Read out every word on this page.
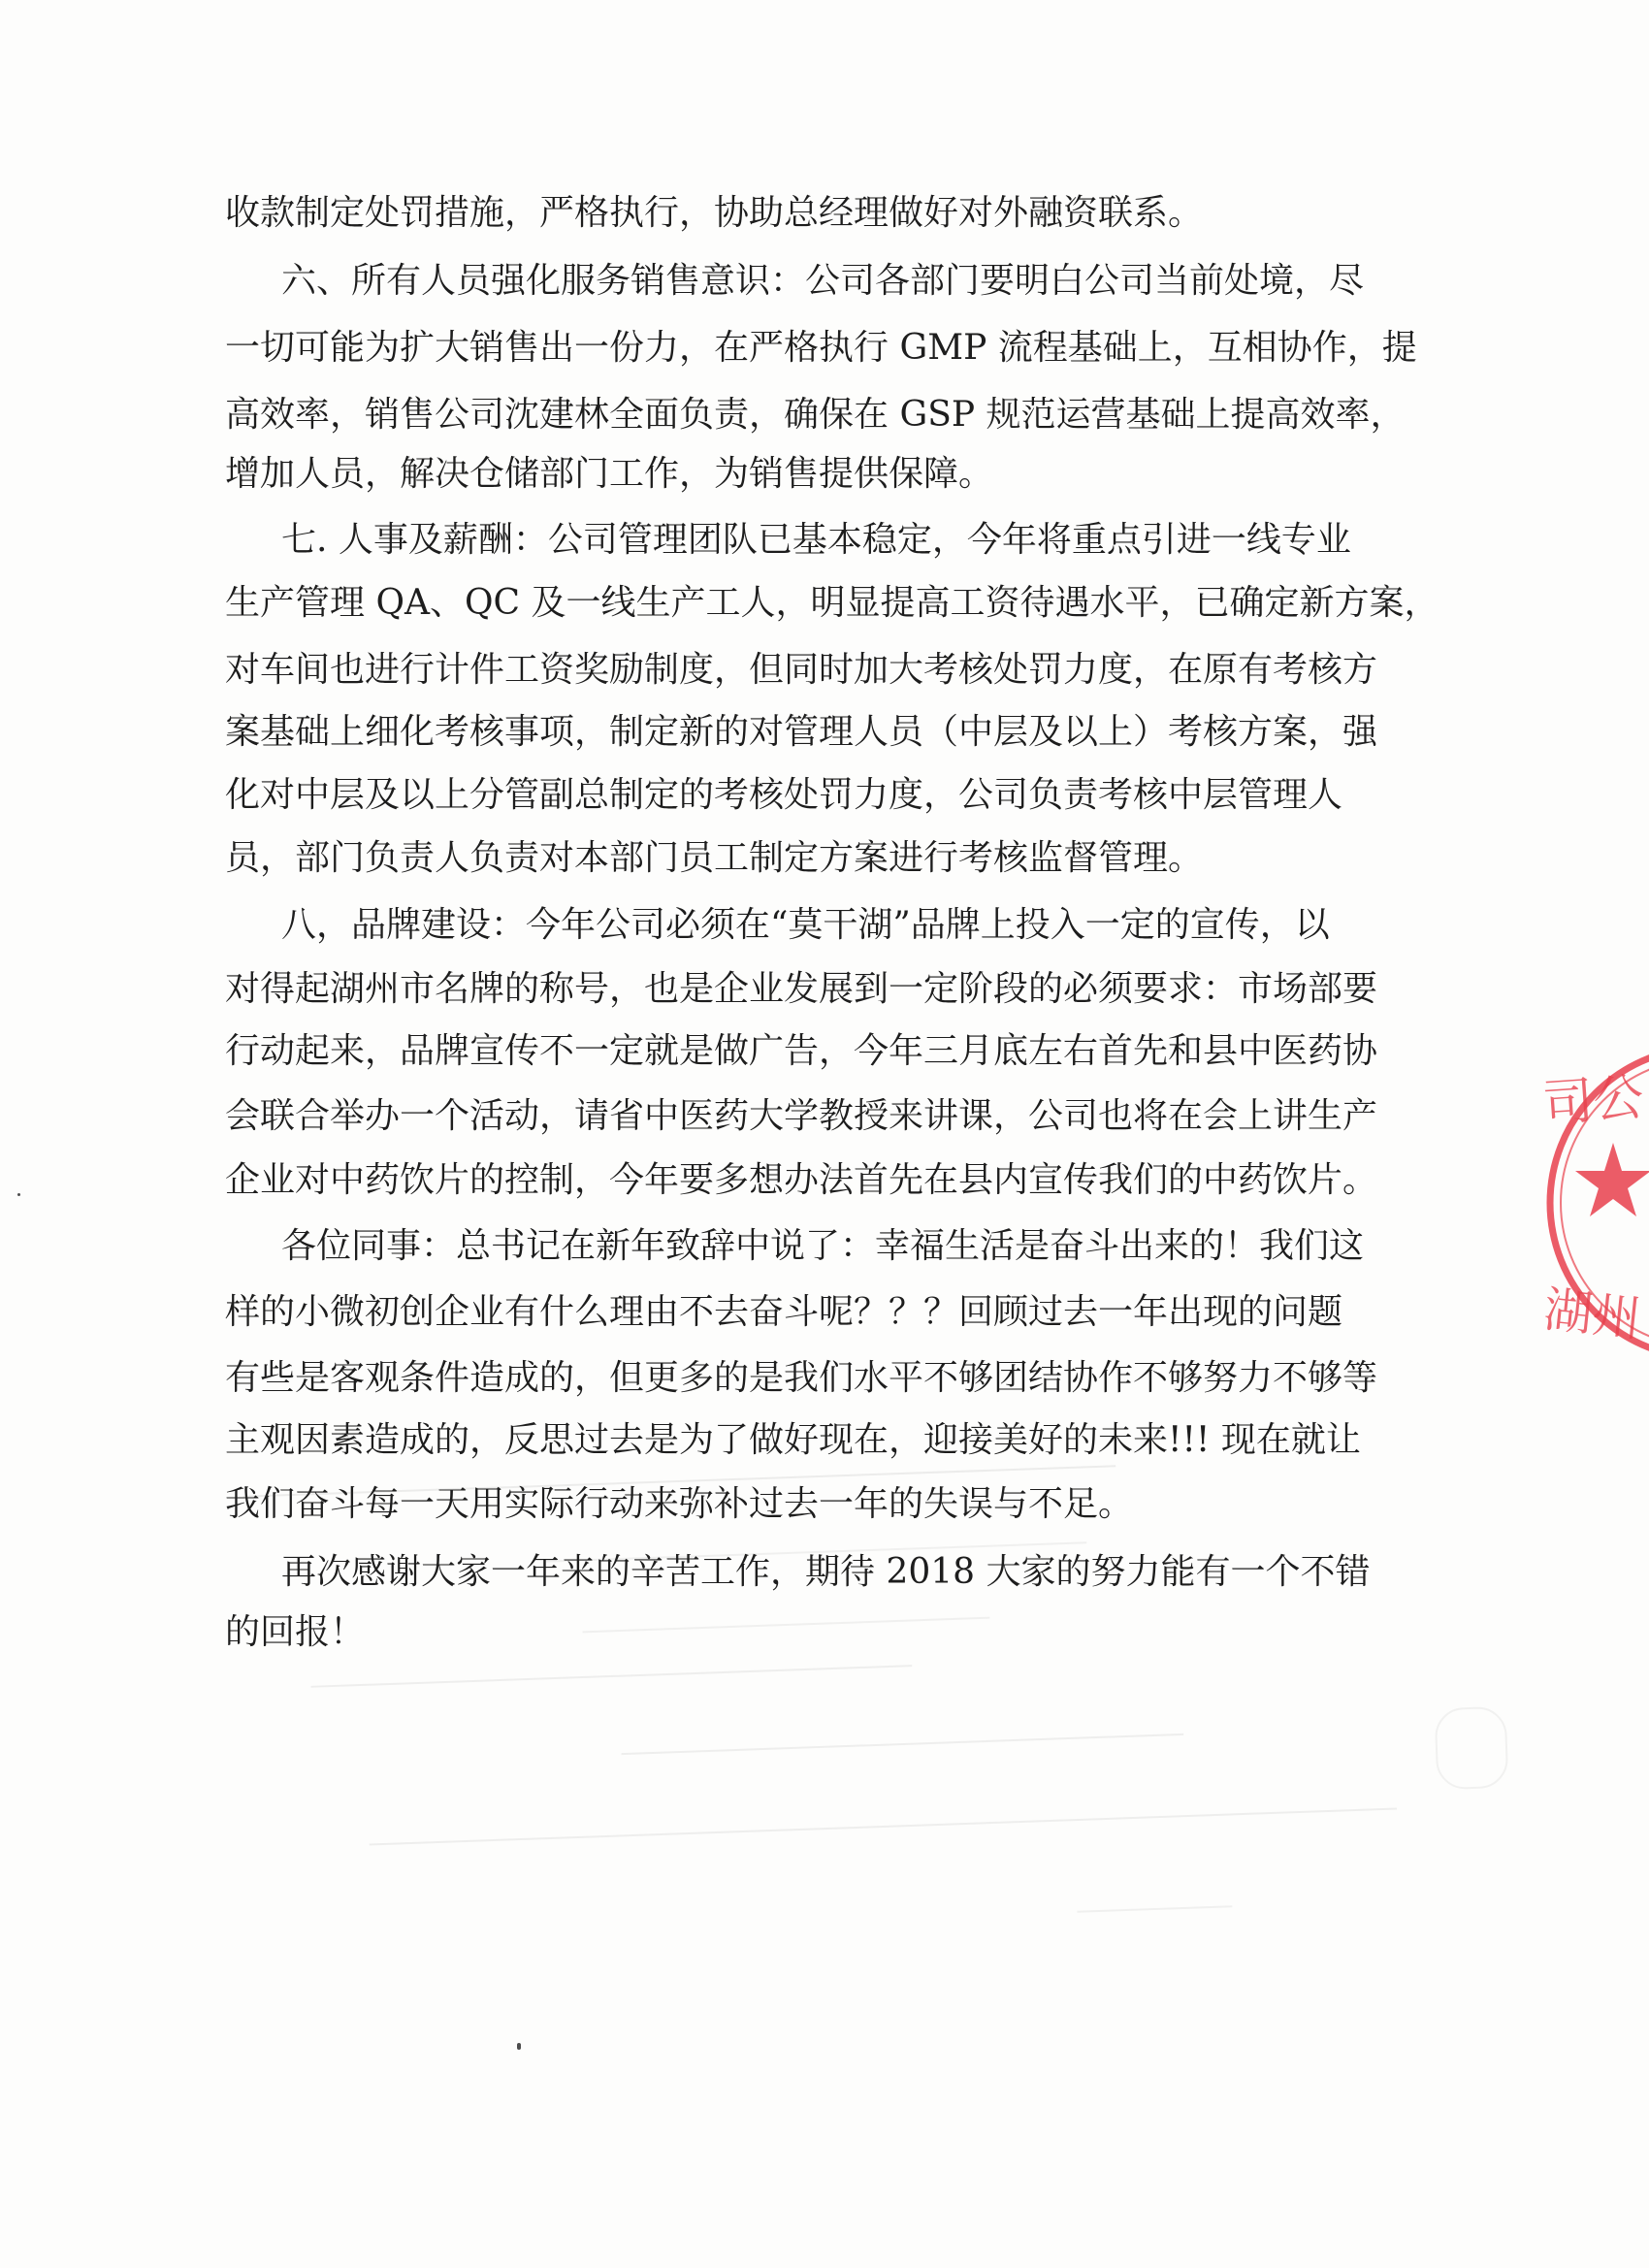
收款制定处罚措施，严格执行，协助总经理做好对外融资联系。
六、所有人员强化服务销售意识：公司各部门要明白公司当前处境，尽
一切可能为扩大销售出一份力，在严格执行 GMP 流程基础上，互相协作，提
高效率，销售公司沈建林全面负责，确保在 GSP 规范运营基础上提高效率，
增加人员，解决仓储部门工作，为销售提供保障。
七. 人事及薪酬：公司管理团队已基本稳定，今年将重点引进一线专业
生产管理 QA、QC 及一线生产工人，明显提高工资待遇水平，已确定新方案，
对车间也进行计件工资奖励制度，但同时加大考核处罚力度，在原有考核方
案基础上细化考核事项，制定新的对管理人员（中层及以上）考核方案，强
化对中层及以上分管副总制定的考核处罚力度，公司负责考核中层管理人
员，部门负责人负责对本部门员工制定方案进行考核监督管理。
八，品牌建设：今年公司必须在“莫干湖”品牌上投入一定的宣传，以
对得起湖州市名牌的称号，也是企业发展到一定阶段的必须要求：市场部要
行动起来，品牌宣传不一定就是做广告，今年三月底左右首先和县中医药协
会联合举办一个活动，请省中医药大学教授来讲课，公司也将在会上讲生产
企业对中药饮片的控制，今年要多想办法首先在县内宣传我们的中药饮片。
各位同事：总书记在新年致辞中说了：幸福生活是奋斗出来的！我们这
样的小微初创企业有什么理由不去奋斗呢？？？回顾过去一年出现的问题
有些是客观条件造成的，但更多的是我们水平不够团结协作不够努力不够等
主观因素造成的，反思过去是为了做好现在，迎接美好的未来!!! 现在就让
我们奋斗每一天用实际行动来弥补过去一年的失误与不足。
再次感谢大家一年来的辛苦工作，期待 2018 大家的努力能有一个不错
的回报！
司公
湖州
